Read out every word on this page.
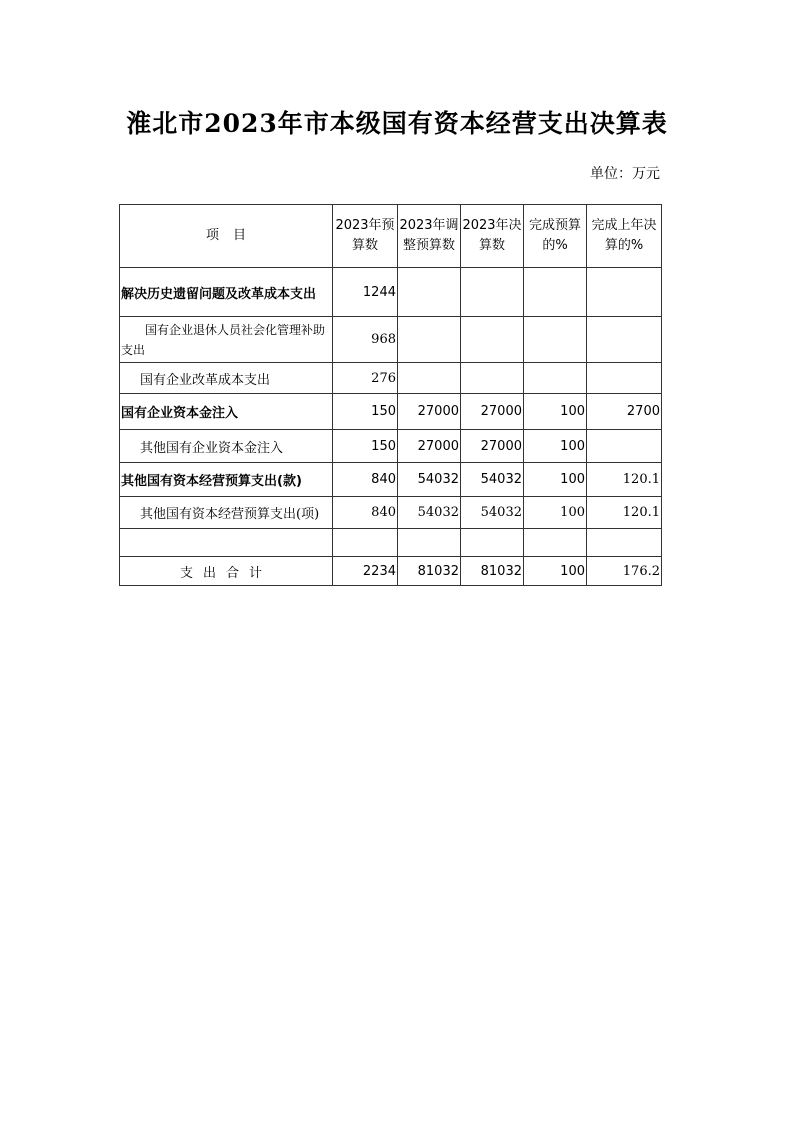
淮北市2023年市本级国有资本经营支出决算表
单位：万元
项目	2023年预算数	2023年调整预算数	2023年决算数	完成预算的%	完成上年决算的%
解决历史遗留问题及改革成本支出	1244				
国有企业退休人员社会化管理补助
支出	968				
国有企业改革成本支出	276				
国有企业资本金注入	150	27000	27000	100	2700
其他国有企业资本金注入	150	27000	27000	100	
其他国有资本经营预算支出(款)	840	54032	54032	100	120.1
其他国有资本经营预算支出(项)	840	54032	54032	100	120.1

支出合计	2234	81032	81032	100	176.2
